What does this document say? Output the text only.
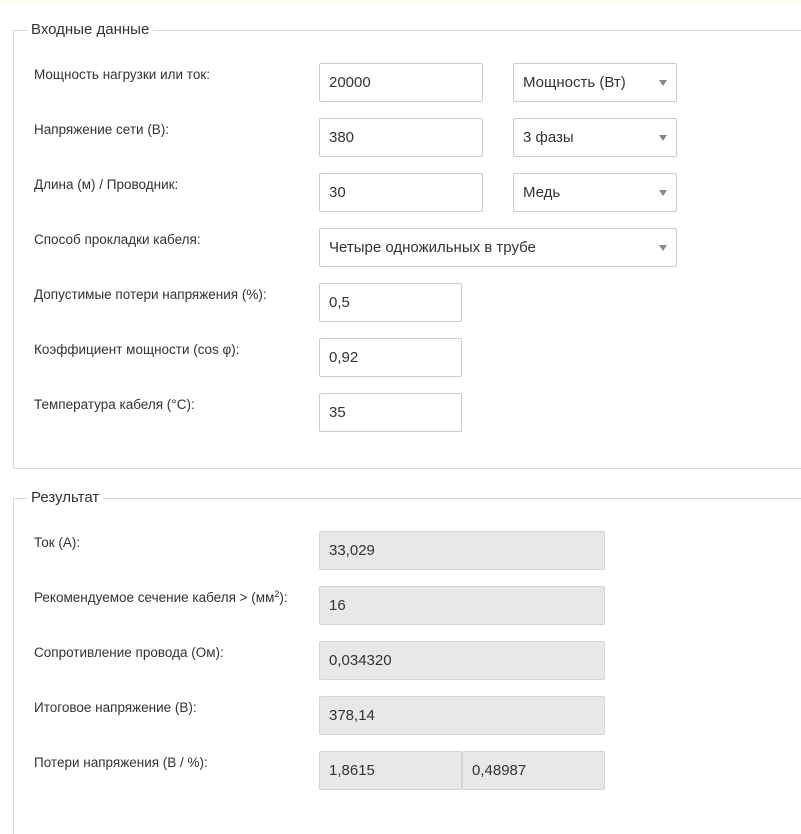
Входные данные
Мощность нагрузки или ток:
20000	Мощность (Вт)
Напряжение сети (В):
380	3 фазы
Длина (м) / Проводник:
30	Медь
Способ прокладки кабеля:	Четыре одножильных в трубе
Допустимые потери напряжения (%):
0,5
Коэффициент мощности (cos φ):
0,92
Температура кабеля (°C):
35
Результат
Ток (А):
33,029
Рекомендуемое сечение кабеля > $(мм^2)$:
16
Сопротивление провода (Ом):
0,034320
Итоговое напряжение (В):
378,14
Потери напряжения (В / %):
1,8615
0,48987
